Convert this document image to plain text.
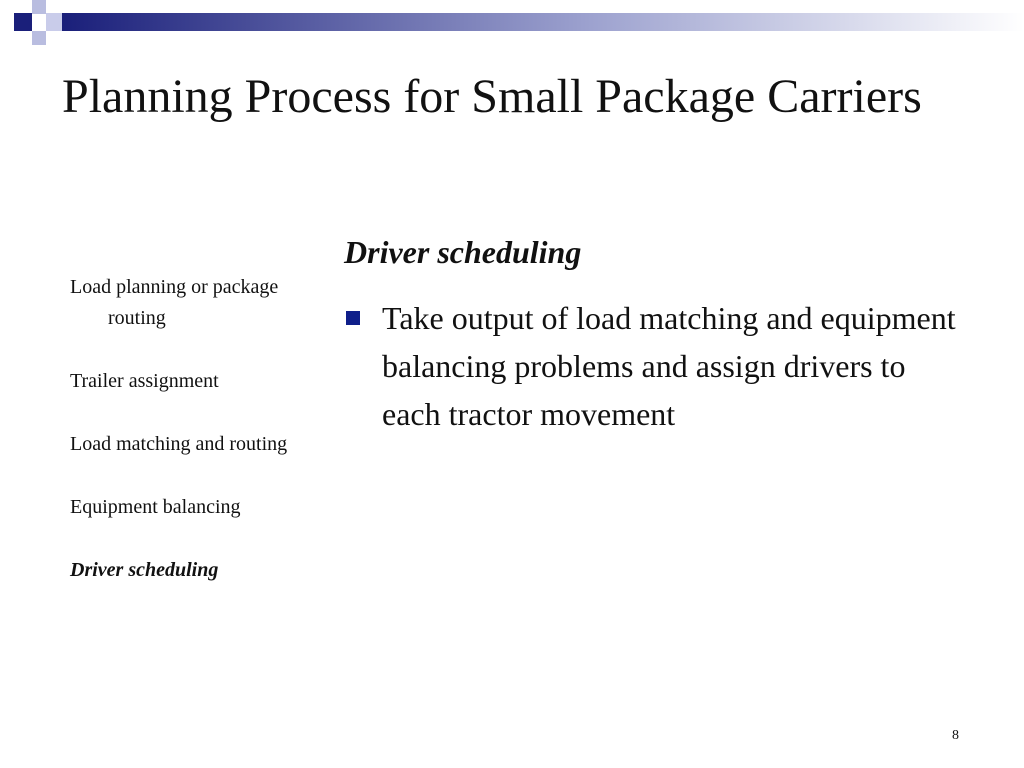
Planning Process for Small Package Carriers
Load planning or package routing
Trailer assignment
Load matching and routing
Equipment balancing
Driver scheduling
Driver scheduling
Take output of load matching and equipment balancing problems and assign drivers to each tractor movement
8
